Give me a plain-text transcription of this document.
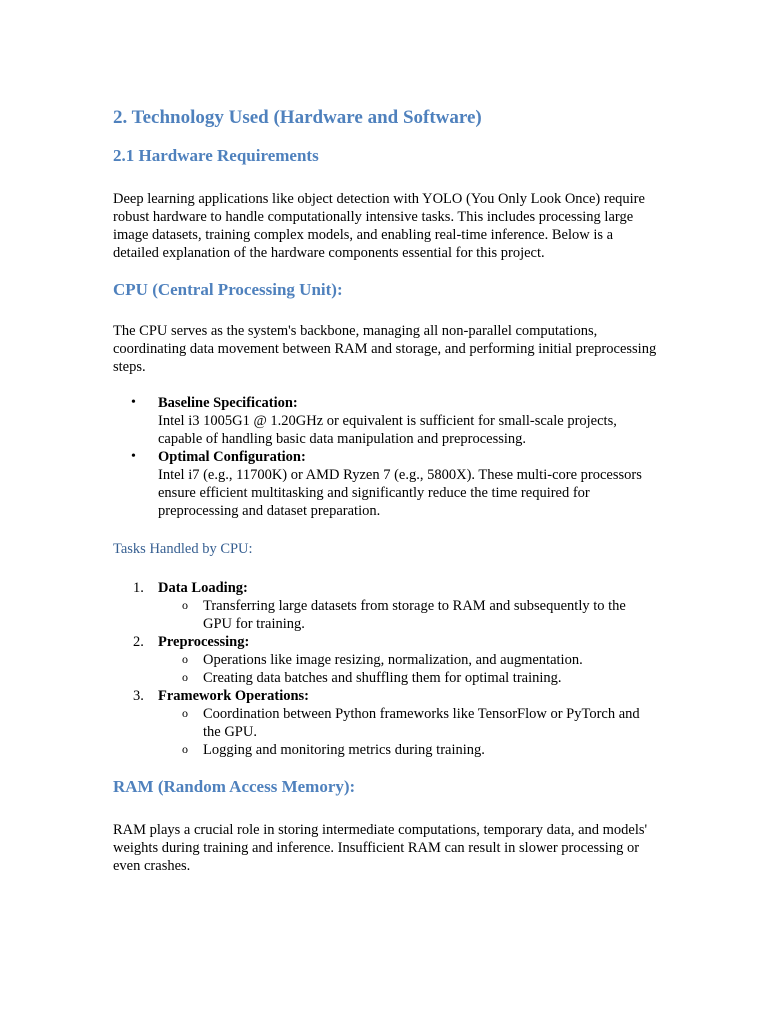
2. Technology Used (Hardware and Software)
2.1 Hardware Requirements

Deep learning applications like object detection with YOLO (You Only Look Once) require robust hardware to handle computationally intensive tasks. This includes processing large image datasets, training complex models, and enabling real-time inference. Below is a detailed explanation of the hardware components essential for this project.

CPU (Central Processing Unit):

The CPU serves as the system's backbone, managing all non-parallel computations, coordinating data movement between RAM and storage, and performing initial preprocessing steps.

• Baseline Specification:
Intel i3 1005G1 @ 1.20GHz or equivalent is sufficient for small-scale projects, capable of handling basic data manipulation and preprocessing.
• Optimal Configuration:
Intel i7 (e.g., 11700K) or AMD Ryzen 7 (e.g., 5800X). These multi-core processors ensure efficient multitasking and significantly reduce the time required for preprocessing and dataset preparation.
Tasks Handled by CPU:
1. Data Loading:
o Transferring large datasets from storage to RAM and subsequently to the GPU for training.
2. Preprocessing:
o Operations like image resizing, normalization, and augmentation.
o Creating data batches and shuffling them for optimal training.
3. Framework Operations:
o Coordination between Python frameworks like TensorFlow or PyTorch and the GPU.
o Logging and monitoring metrics during training.
RAM (Random Access Memory):

RAM plays a crucial role in storing intermediate computations, temporary data, and models' weights during training and inference. Insufficient RAM can result in slower processing or even crashes.
